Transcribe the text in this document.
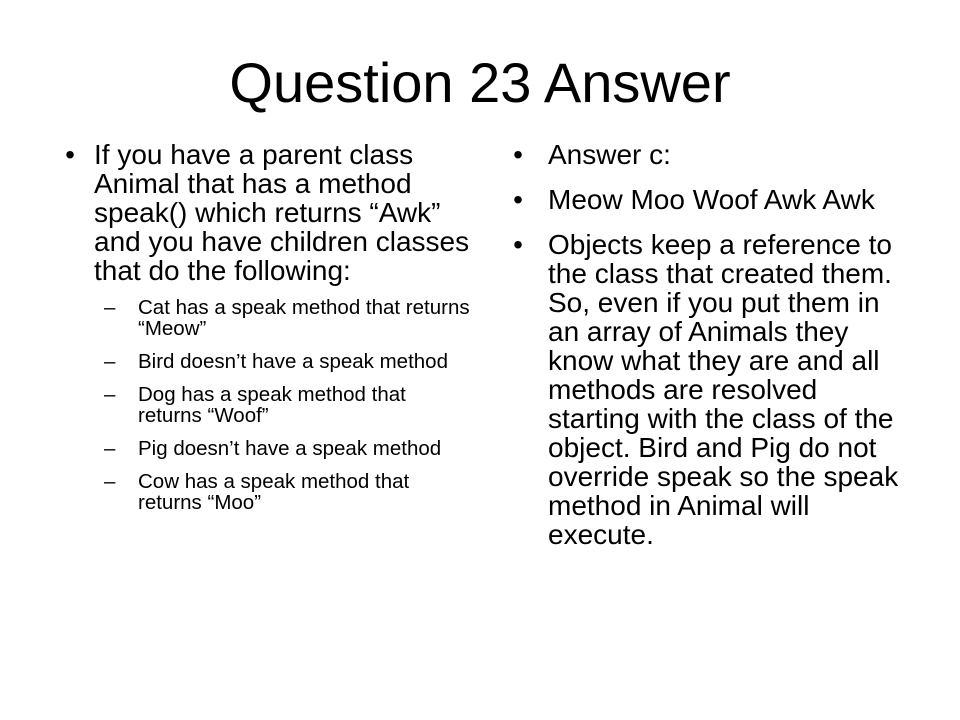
Question 23 Answer
• If you have a parent class Animal that has a method speak() which returns “Awk” and you have children classes that do the following:
– Cat has a speak method that returns “Meow”
– Bird doesn’t have a speak method
– Dog has a speak method that returns “Woof”
– Pig doesn’t have a speak method
– Cow has a speak method that returns “Moo”
• Answer c:
• Meow Moo Woof Awk Awk
• Objects keep a reference to the class that created them. So, even if you put them in an array of Animals they know what they are and all methods are resolved starting with the class of the object. Bird and Pig do not override speak so the speak method in Animal will execute.
